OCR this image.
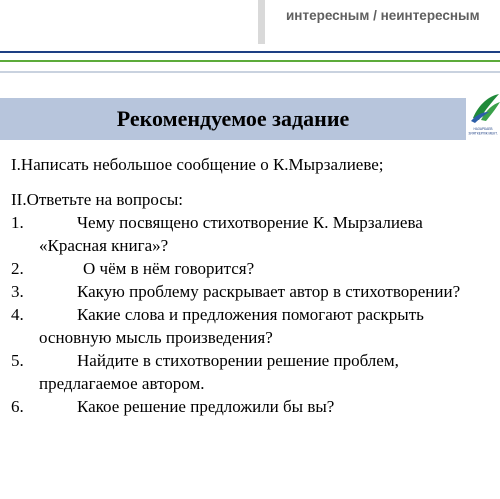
интересным / неинтересным
Рекомендуемое задание	НАЗАРБАЕВ
ЗИЯТКЕРЛІК МЕКТ.
I.Написать небольшое сообщение о К.Мырзалиеве;
II.Ответьте на вопросы:
1.	Чему посвящено стихотворение К. Мырзалиева
«Красная книга»?
2.	О чём в нём говорится?
3.	Какую проблему раскрывает автор в стихотворении?
4.	Какие слова и предложения помогают раскрыть
основную мысль произведения?
5.	Найдите в стихотворении решение проблем,
предлагаемое автором.
6.	Какое решение предложили бы вы?
